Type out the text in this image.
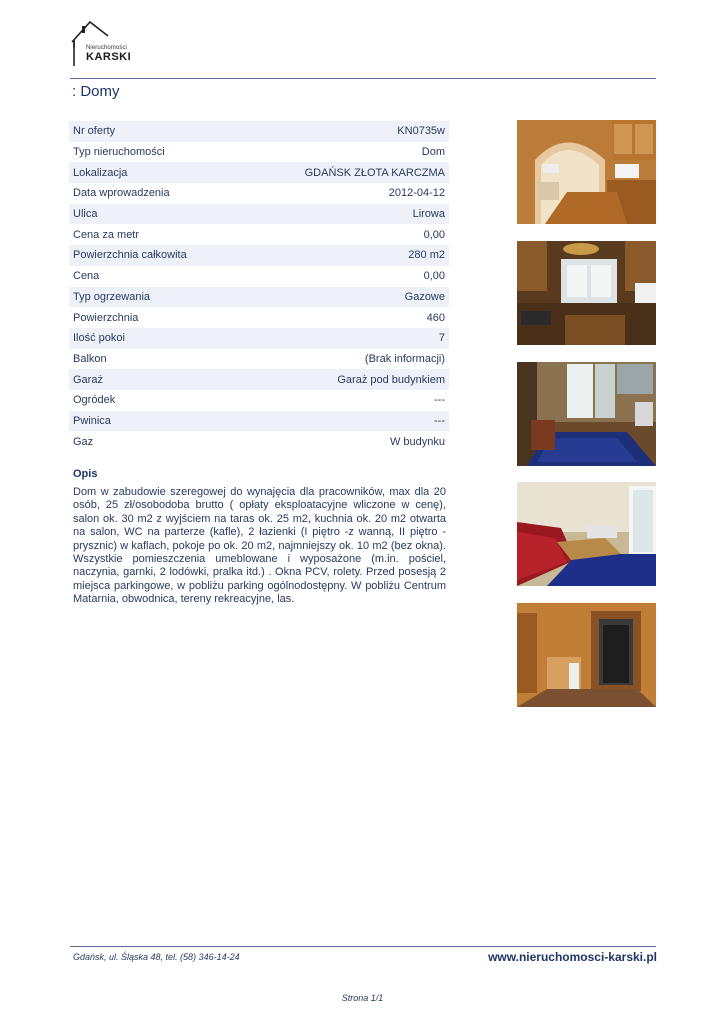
Nieruchomości
KARSKI
: Domy
Nr oferty	KN0735w
Typ nieruchomości	Dom
Lokalizacja	GDAŃSK ZŁOTA KARCZMA
Data wprowadzenia	2012-04-12
Ulica	Lirowa
Cena za metr	0,00
Powierzchnia całkowita	280 m2
Cena	0,00
Typ ogrzewania	Gazowe
Powierzchnia	460
Ilość pokoi	7
Balkon	(Brak informacji)
Garaż	Garaż pod budynkiem
Ogródek	---
Pwinica	---
Gaz	W budynku
Opis
Dom w zabudowie szeregowej do wynajęcia dla pracowników, max dla 20 osób, 25 zł/osobodoba brutto ( opłaty eksploatacyjne wliczone w cenę), salon ok. 30 m2 z wyjściem na taras ok. 25 m2, kuchnia ok. 20 m2 otwarta na salon, WC na parterze (kafle), 2 łazienki (I piętro -z wanną, II piętro - prysznic) w kaflach, pokoje po ok. 20 m2, najmniejszy ok. 10 m2 (bez okna). Wszystkie pomieszczenia umeblowane i wyposażone (m.in. pościel, naczynia, garnki, 2 lodówki, pralka itd.) . Okna PCV, rolety. Przed posesją 2 miejsca parkingowe, w pobliżu parking ogólnodostępny. W pobliżu Centrum Matarnia, obwodnica, tereny rekreacyjne, las.
Gdańsk, ul. Śląska 48, tel. (58) 346-14-24	www.nieruchomosci-karski.pl
Strona 1/1
